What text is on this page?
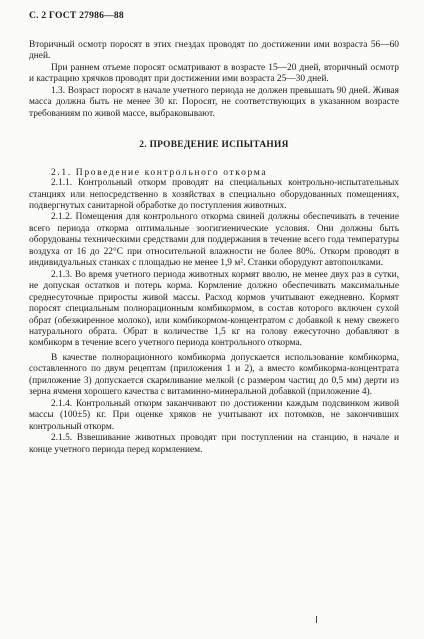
С. 2 ГОСТ 27986—88

Вторичный осмотр поросят в этих гнездах проводят по достижении ими возраста 56—60 дней.

При раннем отъеме поросят осматривают в возрасте 15—20 дней, вторичный осмотр и кастрацию хрячков проводят при достижении ими возраста 25—30 дней.

1.3. Возраст поросят в начале учетного периода не должен превышать 90 дней. Живая масса должна быть не менее 30 кг. Поросят, не соответствующих в указанном возрасте требованиям по живой массе, выбраковывают.

2. ПРОВЕДЕНИЕ ИСПЫТАНИЯ

2.1. Проведение контрольного откорма

2.1.1. Контрольный откорм проводят на специальных контрольно-испытательных станциях или непосредственно в хозяйствах в специально оборудованных помещениях, подвергнутых санитарной обработке до поступления животных.

2.1.2. Помещения для контрольного откорма свиней должны обеспечивать в течение всего периода откорма оптимальные зоогигиенические условия. Они должны быть оборудованы техническими средствами для поддержания в течение всего года температуры воздуха от 16 до 22°С при относительной влажности не более 80%. Откорм проводят в индивидуальных станках с площадью не менее 1,9 м². Станки оборудуют автопоилками.

2.1.3. Во время учетного периода животных кормят вволю, не менее двух раз в сутки, не допуская остатков и потерь корма. Кормление должно обеспечивать максимальные среднесуточные приросты живой массы. Расход кормов учитывают ежедневно. Кормят поросят специальным полнорационным комбикормом, в состав которого включен сухой обрат (обезжиренное молоко), или комбикормом-концентратом с добавкой к нему свежего натурального обрата. Обрат в количестве 1,5 кг на голову ежесуточно добавляют в комбикорм в течение всего учетного периода контрольного откорма.

В качестве полнорационного комбикорма допускается использование комбикорма, составленного по двум рецептам (приложения 1 и 2), а вместо комбикорма-концентрата (приложение 3) допускается скармливание мелкой (с размером частиц до 0,5 мм) дерти из зерна ячменя хорошего качества с витаминно-минеральной добавкой (приложение 4).

2.1.4. Контрольный откорм заканчивают по достижении каждым подсвинком живой массы (100±5) кг. При оценке хряков не учитывают их потомков, не закончивших контрольный откорм.

2.1.5. Взвешивание животных проводят при поступлении на станцию, в начале и конце учетного периода перед кормлением.
